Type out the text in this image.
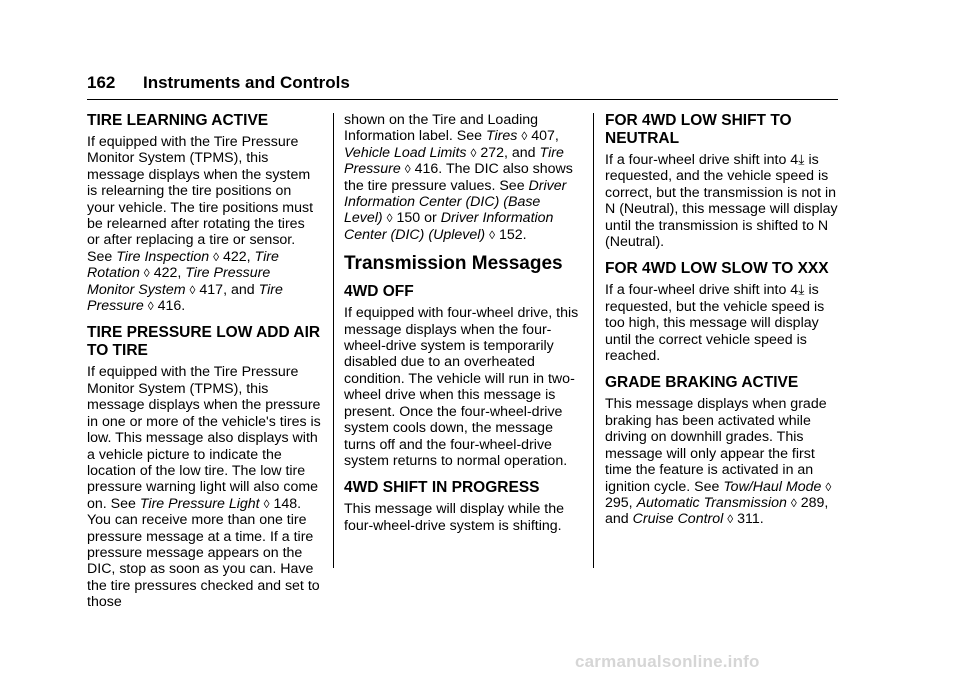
162 Instruments and Controls
TIRE LEARNING ACTIVE

If equipped with the Tire Pressure Monitor System (TPMS), this message displays when the system is relearning the tire positions on your vehicle. The tire positions must be relearned after rotating the tires or after replacing a tire or sensor. See Tire Inspection ◊ 422, Tire Rotation ◊ 422, Tire Pressure Monitor System ◊ 417, and Tire Pressure ◊ 416.

TIRE PRESSURE LOW ADD AIR TO TIRE

If equipped with the Tire Pressure Monitor System (TPMS), this message displays when the pressure in one or more of the vehicle's tires is low. This message also displays with a vehicle picture to indicate the location of the low tire. The low tire pressure warning light will also come on. See Tire Pressure Light ◊ 148. You can receive more than one tire pressure message at a time. If a tire pressure message appears on the DIC, stop as soon as you can. Have the tire pressures checked and set to those

shown on the Tire and Loading Information label. See Tires ◊ 407, Vehicle Load Limits ◊ 272, and Tire Pressure ◊ 416. The DIC also shows the tire pressure values. See Driver Information Center (DIC) (Base Level) ◊ 150 or Driver Information Center (DIC) (Uplevel) ◊ 152.

Transmission Messages
4WD OFF

If equipped with four-wheel drive, this message displays when the four-wheel-drive system is temporarily disabled due to an overheated condition. The vehicle will run in two-wheel drive when this message is present. Once the four-wheel-drive system cools down, the message turns off and the four-wheel-drive system returns to normal operation.

4WD SHIFT IN PROGRESS

This message will display while the four-wheel-drive system is shifting.

FOR 4WD LOW SHIFT TO NEUTRAL

If a four-wheel drive shift into 4⤓ is requested, and the vehicle speed is correct, but the transmission is not in N (Neutral), this message will display until the transmission is shifted to N (Neutral).

FOR 4WD LOW SLOW TO XXX

If a four-wheel drive shift into 4⤓ is requested, but the vehicle speed is too high, this message will display until the correct vehicle speed is reached.

GRADE BRAKING ACTIVE

This message displays when grade braking has been activated while driving on downhill grades. This message will only appear the first time the feature is activated in an ignition cycle. See Tow/Haul Mode ◊ 295, Automatic Transmission ◊ 289, and Cruise Control ◊ 311.

carmanualsonline.info
